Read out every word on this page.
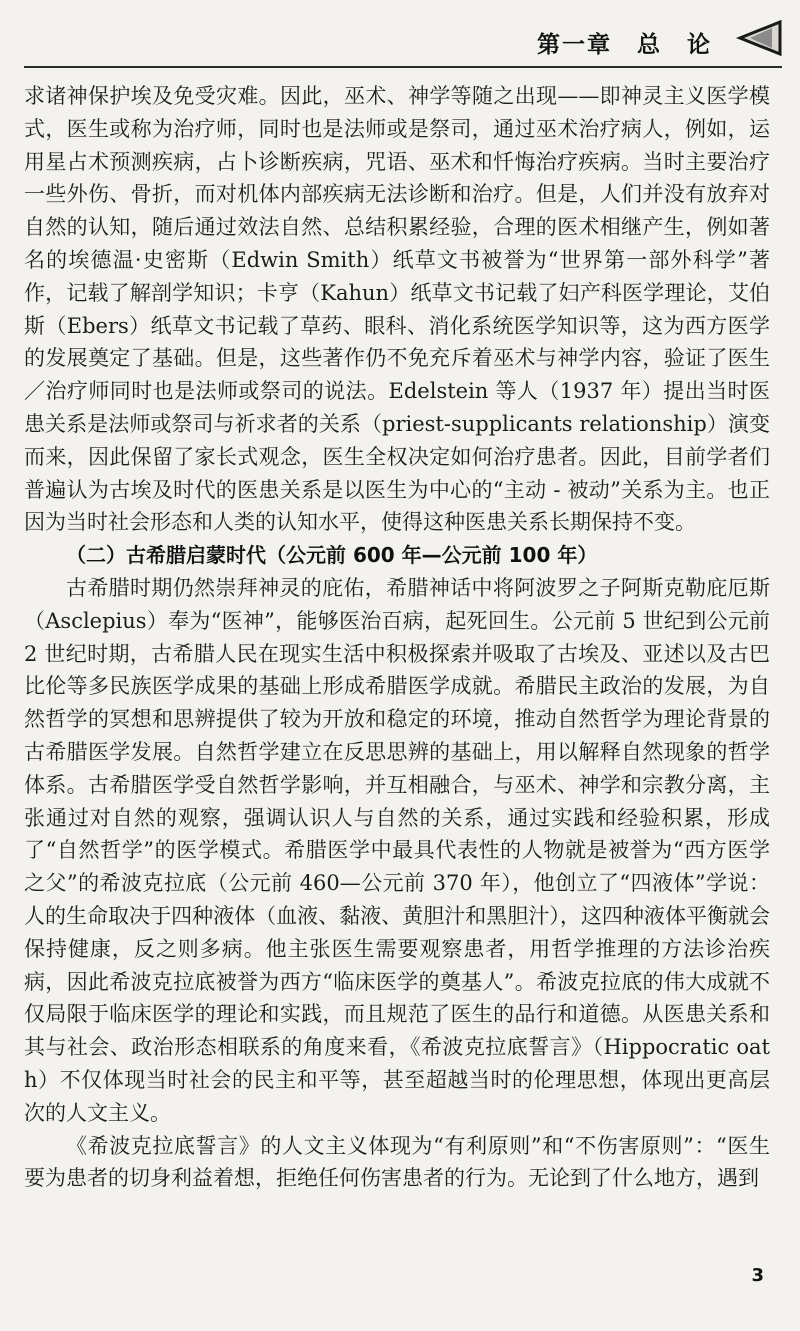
第一章　总　论

求诸神保护埃及免受灾难。因此，巫术、神学等随之出现——即神灵主义医学模式，医生或称为治疗师，同时也是法师或是祭司，通过巫术治疗病人，例如，运用星占术预测疾病，占卜诊断疾病，咒语、巫术和忏悔治疗疾病。当时主要治疗一些外伤、骨折，而对机体内部疾病无法诊断和治疗。但是，人们并没有放弃对自然的认知，随后通过效法自然、总结积累经验，合理的医术相继产生，例如著名的埃德温·史密斯（Edwin Smith）纸草文书被誉为“世界第一部外科学”著作，记载了解剖学知识；卡亨（Kahun）纸草文书记载了妇产科医学理论，艾伯斯（Ebers）纸草文书记载了草药、眼科、消化系统医学知识等，这为西方医学的发展奠定了基础。但是，这些著作仍不免充斥着巫术与神学内容，验证了医生／治疗师同时也是法师或祭司的说法。Edelstein 等人（1937 年）提出当时医患关系是法师或祭司与祈求者的关系（priest-supplicants relationship）演变而来，因此保留了家长式观念，医生全权决定如何治疗患者。因此，目前学者们普遍认为古埃及时代的医患关系是以医生为中心的“主动 - 被动”关系为主。也正因为当时社会形态和人类的认知水平，使得这种医患关系长期保持不变。

（二）古希腊启蒙时代（公元前 600 年—公元前 100 年）

古希腊时期仍然崇拜神灵的庇佑，希腊神话中将阿波罗之子阿斯克勒庇厄斯（Asclepius）奉为“医神”，能够医治百病，起死回生。公元前 5 世纪到公元前 2 世纪时期，古希腊人民在现实生活中积极探索并吸取了古埃及、亚述以及古巴比伦等多民族医学成果的基础上形成希腊医学成就。希腊民主政治的发展，为自然哲学的冥想和思辨提供了较为开放和稳定的环境，推动自然哲学为理论背景的古希腊医学发展。自然哲学建立在反思思辨的基础上，用以解释自然现象的哲学体系。古希腊医学受自然哲学影响，并互相融合，与巫术、神学和宗教分离，主张通过对自然的观察，强调认识人与自然的关系，通过实践和经验积累，形成了“自然哲学”的医学模式。希腊医学中最具代表性的人物就是被誉为“西方医学之父”的希波克拉底（公元前 460—公元前 370 年），他创立了“四液体”学说：人的生命取决于四种液体（血液、黏液、黄胆汁和黑胆汁），这四种液体平衡就会保持健康，反之则多病。他主张医生需要观察患者，用哲学推理的方法诊治疾病，因此希波克拉底被誉为西方“临床医学的奠基人”。希波克拉底的伟大成就不仅局限于临床医学的理论和实践，而且规范了医生的品行和道德。从医患关系和其与社会、政治形态相联系的角度来看，《希波克拉底誓言》（Hippocratic oath）不仅体现当时社会的民主和平等，甚至超越当时的伦理思想，体现出更高层次的人文主义。

《希波克拉底誓言》的人文主义体现为“有利原则”和“不伤害原则”：“医生要为患者的切身利益着想，拒绝任何伤害患者的行为。无论到了什么地方，遇到

3
